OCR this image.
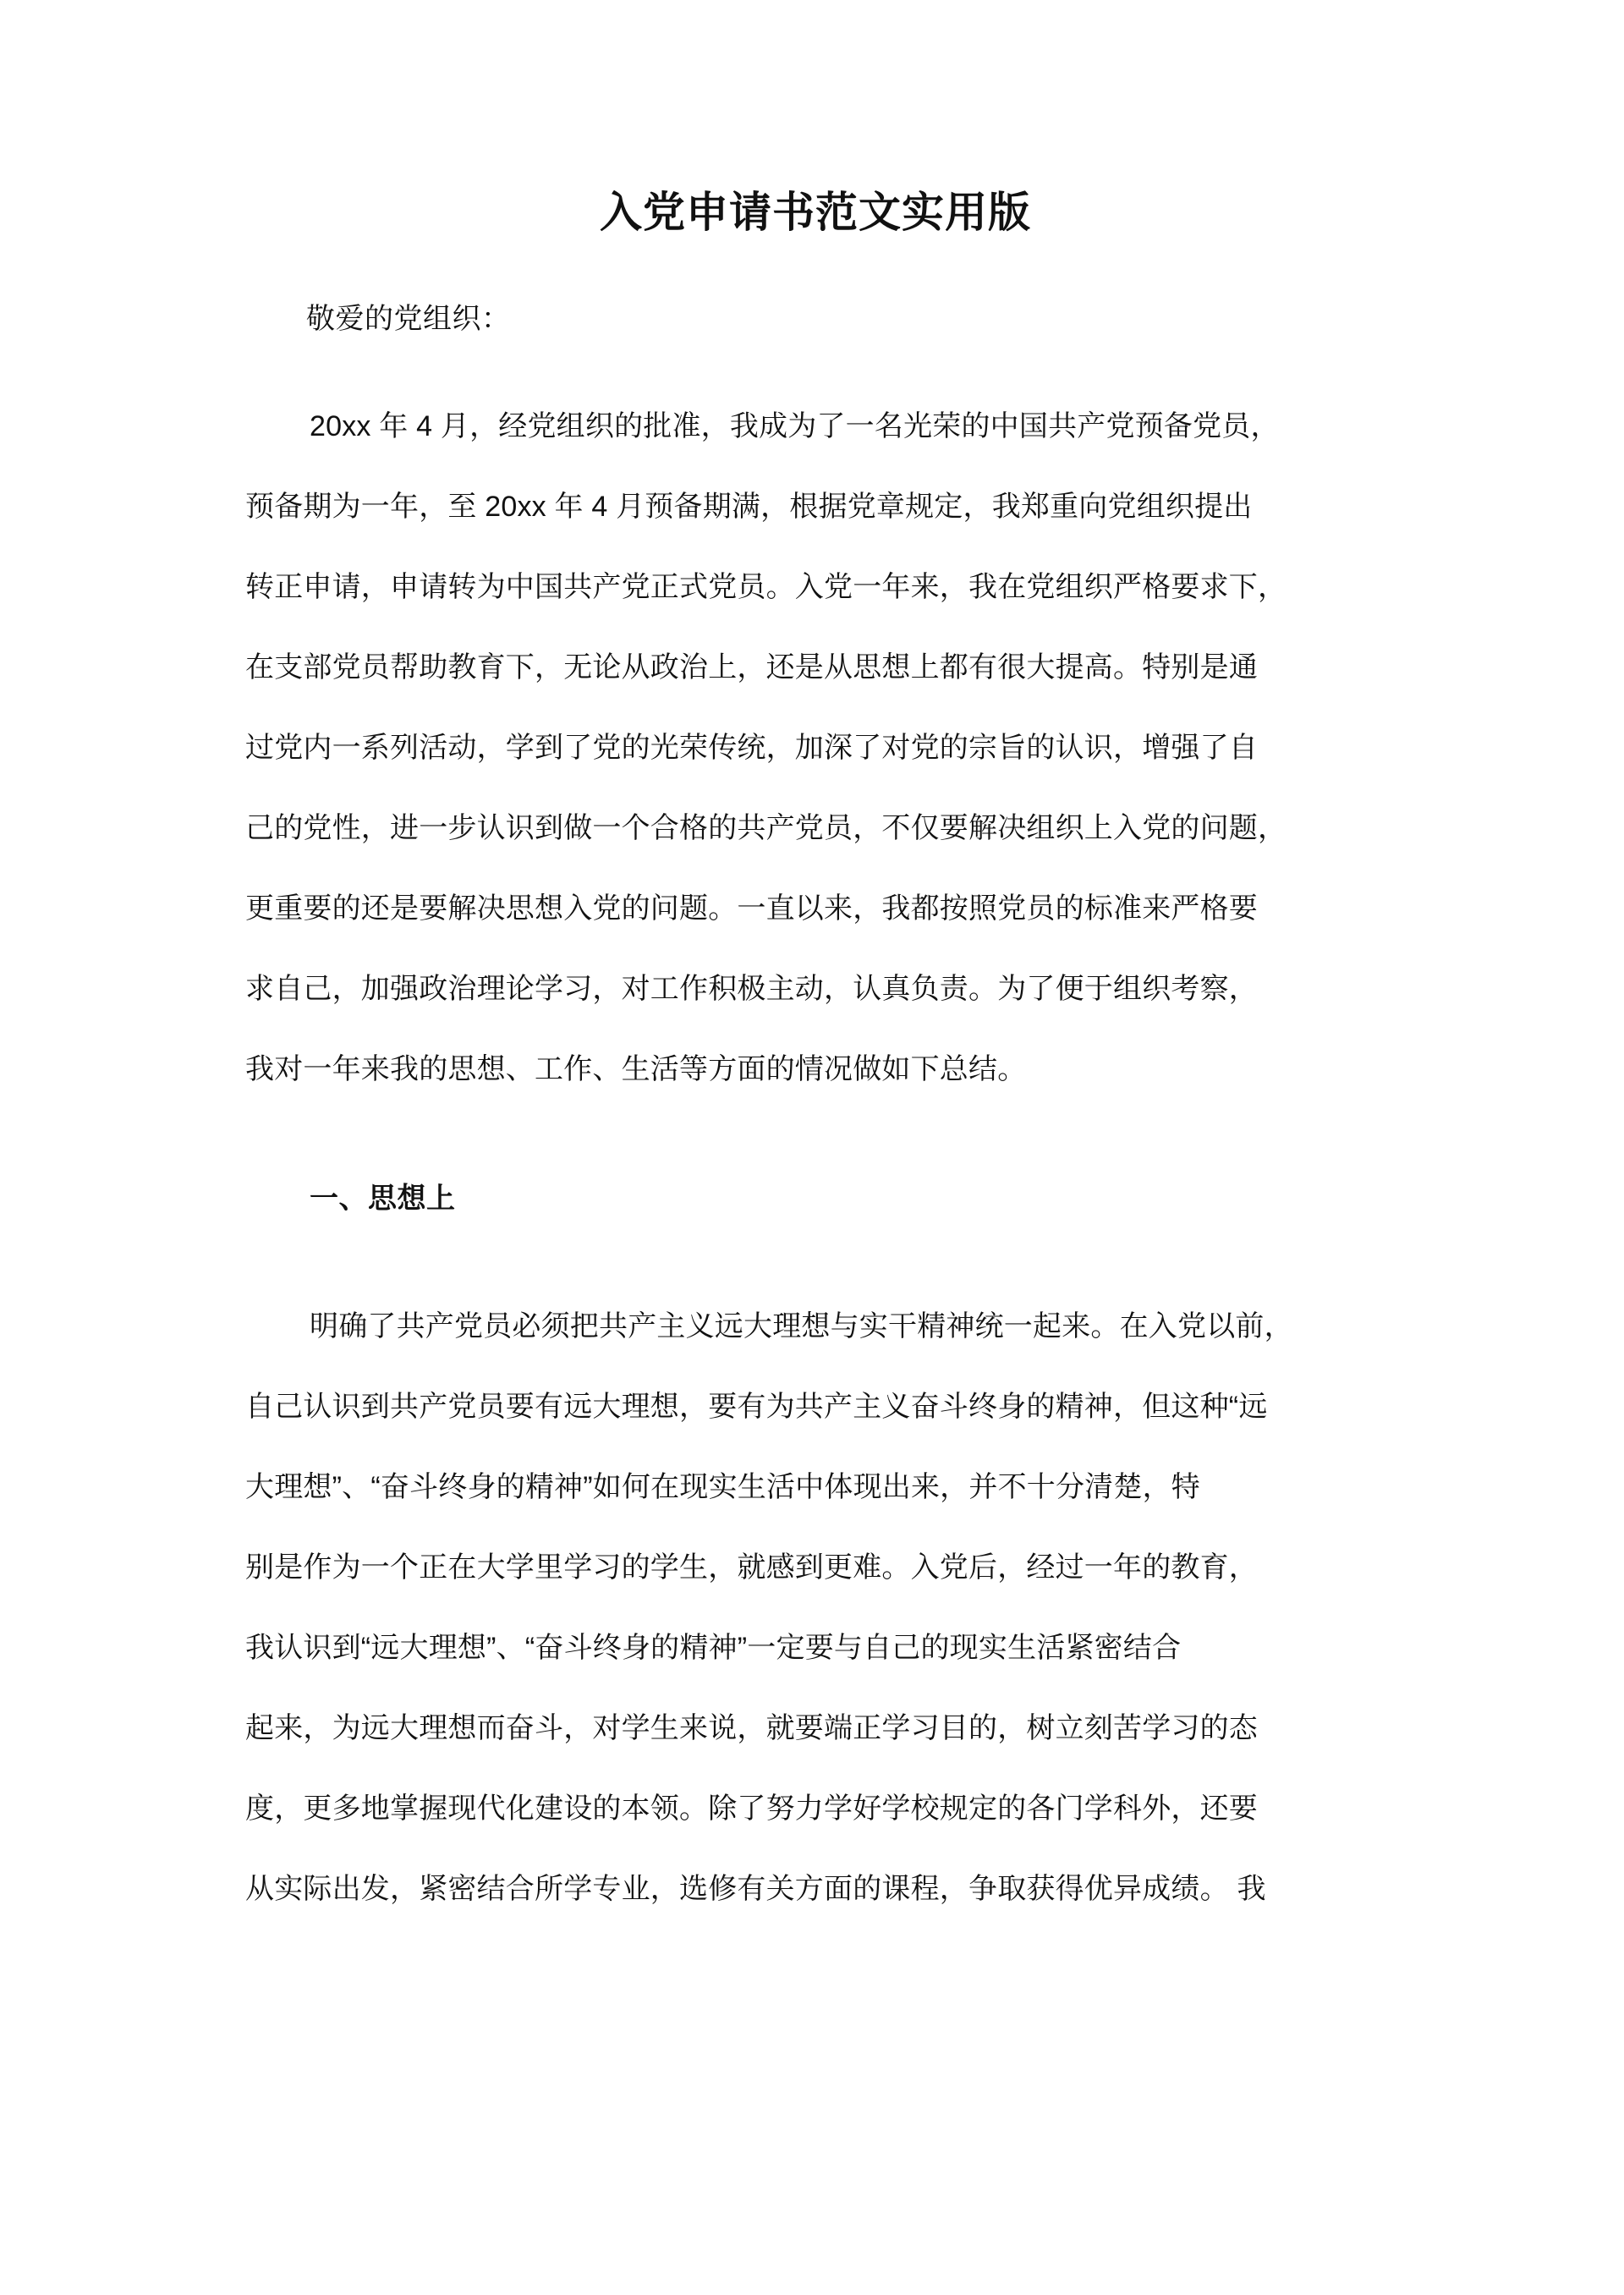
入党申请书范文实用版

敬爱的党组织：

20xx 年 4 月，经党组织的批准，我成为了一名光荣的中国共产党预备党员，
预备期为一年，至 20xx 年 4 月预备期满，根据党章规定，我郑重向党组织提出
转正申请，申请转为中国共产党正式党员。入党一年来，我在党组织严格要求下，
在支部党员帮助教育下，无论从政治上，还是从思想上都有很大提高。特别是通
过党内一系列活动，学到了党的光荣传统，加深了对党的宗旨的认识，增强了自
己的党性，进一步认识到做一个合格的共产党员，不仅要解决组织上入党的问题，
更重要的还是要解决思想入党的问题。一直以来，我都按照党员的标准来严格要
求自己，加强政治理论学习，对工作积极主动，认真负责。为了便于组织考察，
我对一年来我的思想、工作、生活等方面的情况做如下总结。
一、思想上
明确了共产党员必须把共产主义远大理想与实干精神统一起来。在入党以前，
自己认识到共产党员要有远大理想，要有为共产主义奋斗终身的精神，但这种“远
大理想”、“奋斗终身的精神”如何在现实生活中体现出来，并不十分清楚，特
别是作为一个正在大学里学习的学生，就感到更难。入党后，经过一年的教育，
我认识到“远大理想”、“奋斗终身的精神”一定要与自己的现实生活紧密结合
起来，为远大理想而奋斗，对学生来说，就要端正学习目的，树立刻苦学习的态
度，更多地掌握现代化建设的本领。除了努力学好学校规定的各门学科外，还要
从实际出发，紧密结合所学专业，选修有关方面的课程，争取获得优异成绩。 我
